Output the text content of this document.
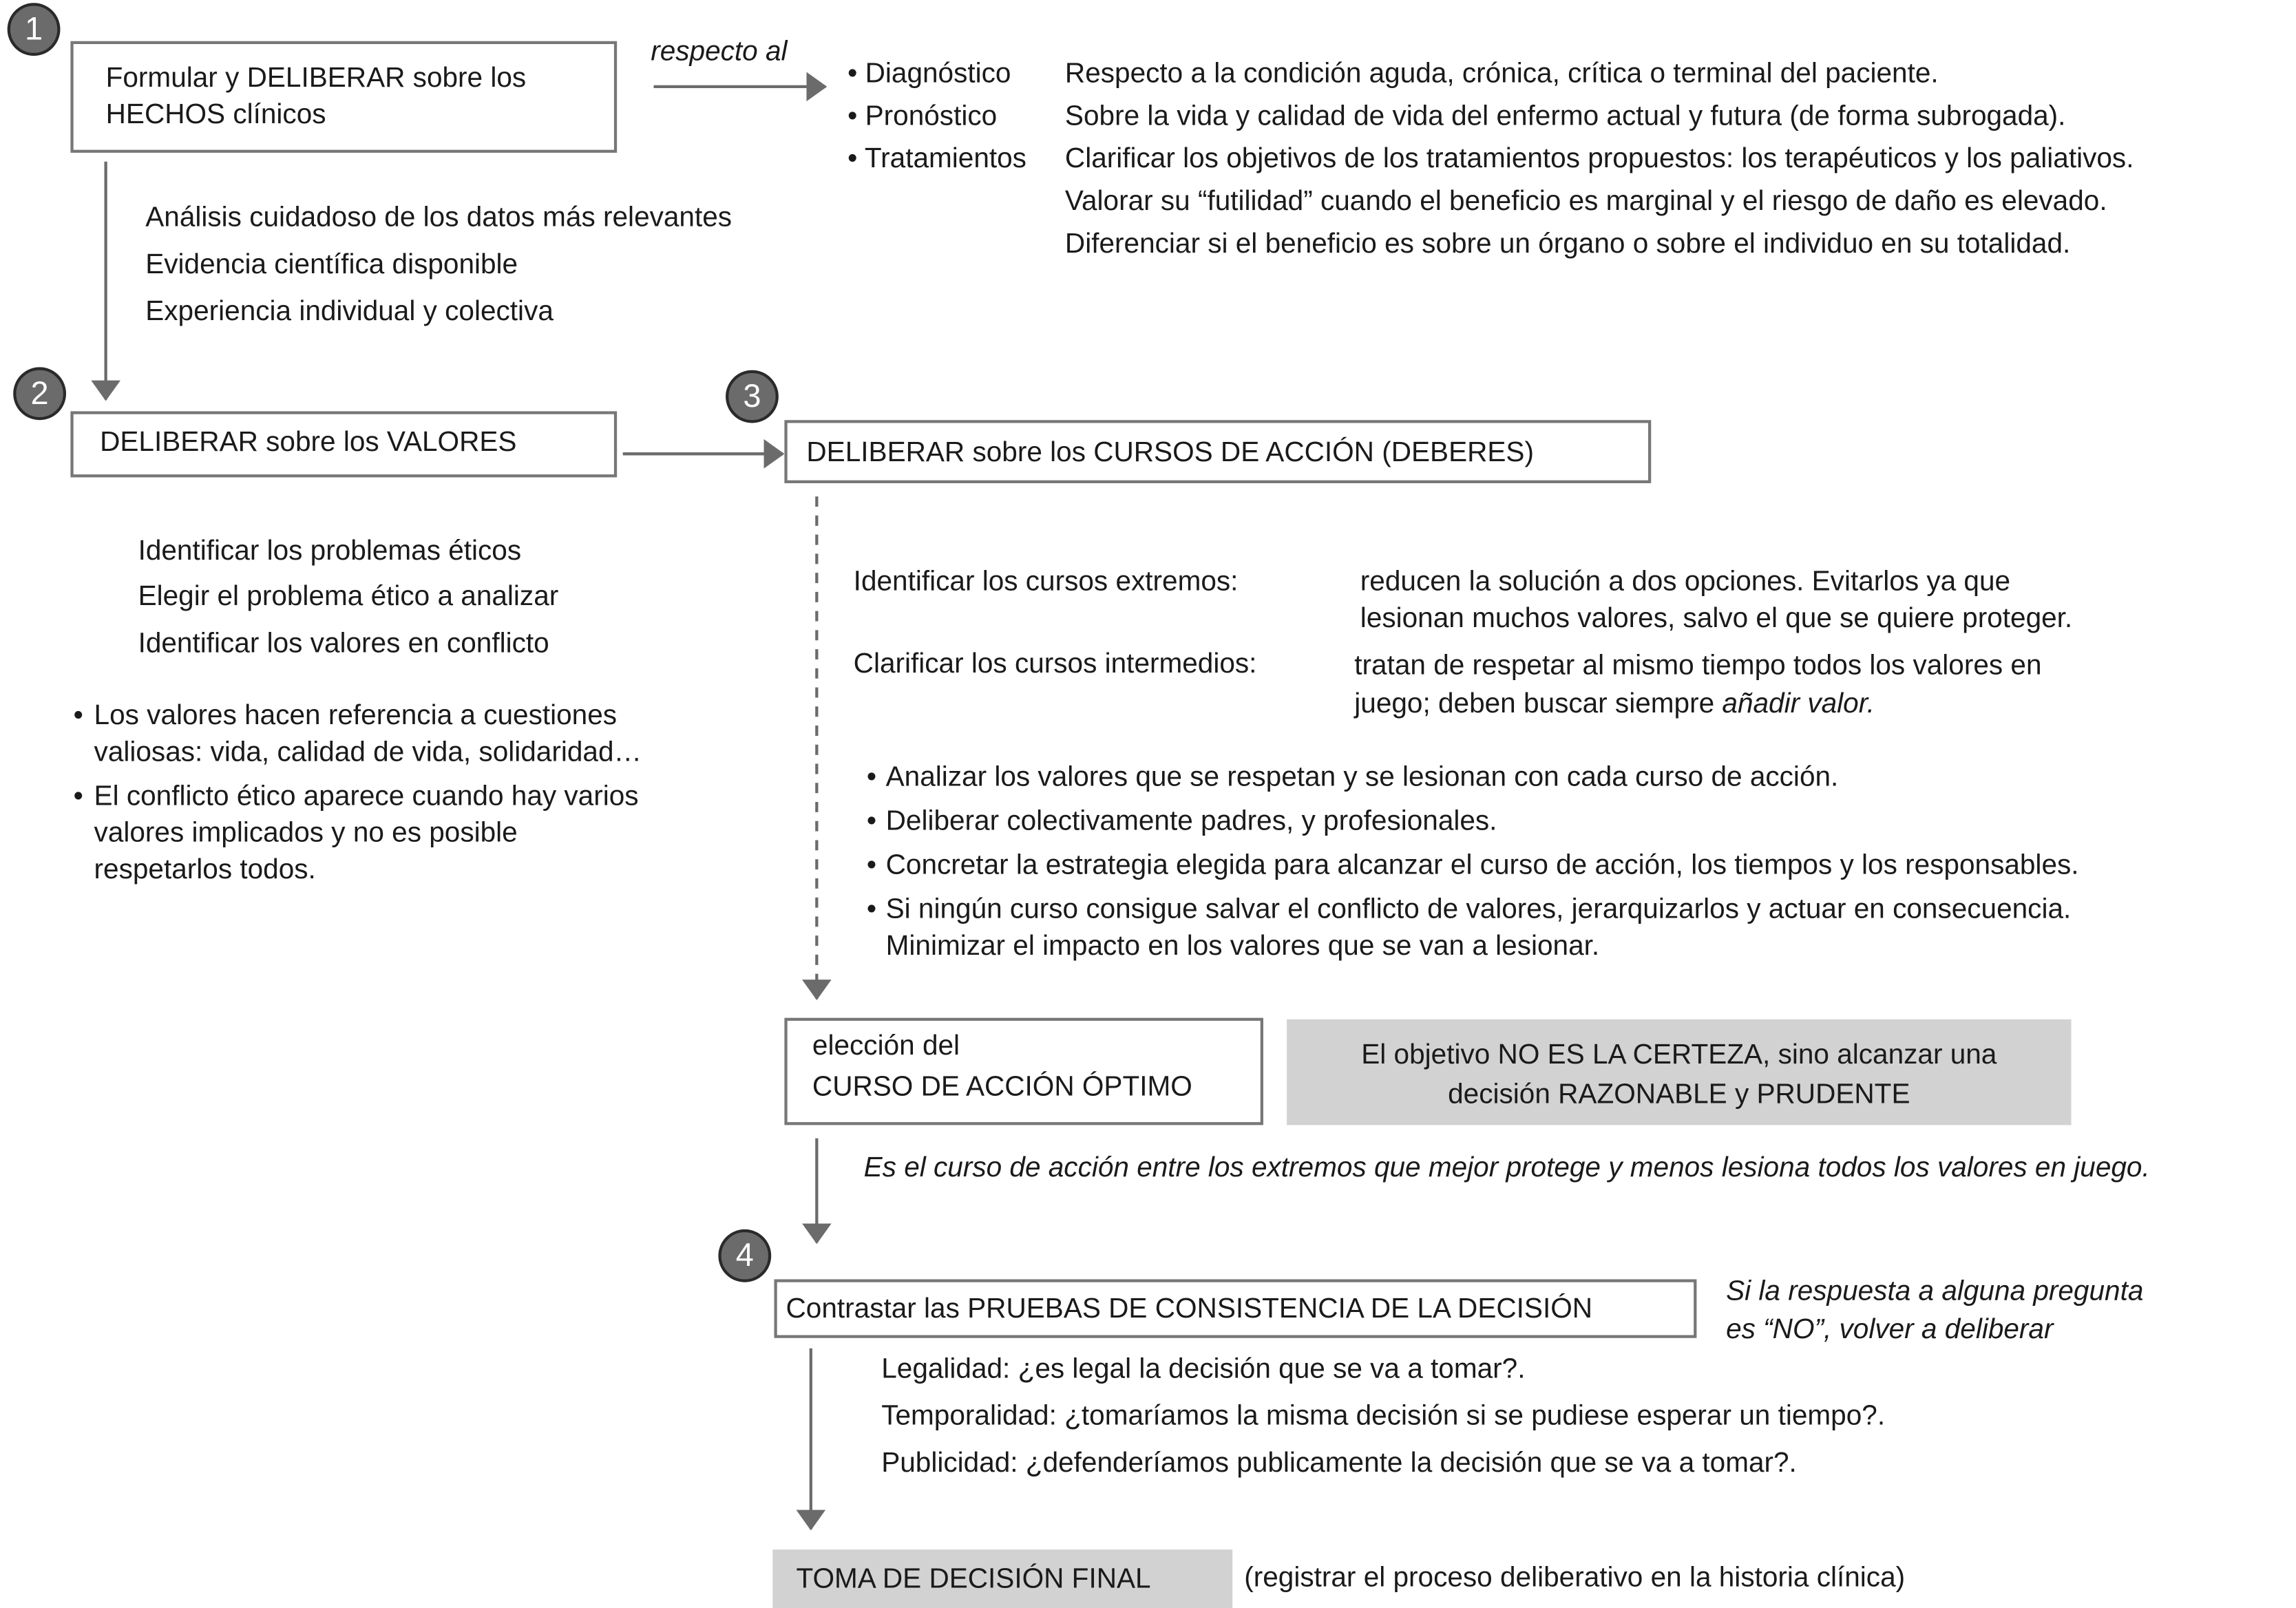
1
Formular y DELIBERAR sobre los
HECHOS clínicos
respecto al
• Diagnóstico
• Pronóstico
• Tratamientos
Respecto a la condición aguda, crónica, crítica o terminal del paciente.
Sobre la vida y calidad de vida del enfermo actual y futura (de forma subrogada).
Clarificar los objetivos de los tratamientos propuestos: los terapéuticos y los paliativos.
Valorar su “futilidad” cuando el beneficio es marginal y el riesgo de daño es elevado.
Diferenciar si el beneficio es sobre un órgano o sobre el individuo en su totalidad.
Análisis cuidadoso de los datos más relevantes
Evidencia científica disponible
Experiencia individual y colectiva
2
DELIBERAR sobre los VALORES
Identificar los problemas éticos
Elegir el problema ético a analizar
Identificar los valores en conflicto
• Los valores hacen referencia a cuestiones
valiosas: vida, calidad de vida, solidaridad…
• El conflicto ético aparece cuando hay varios
valores implicados y no es posible
respetarlos todos.
3
DELIBERAR sobre los CURSOS DE ACCIÓN (DEBERES)
Identificar los cursos extremos:	reducen la solución a dos opciones. Evitarlos ya que
lesionan muchos valores, salvo el que se quiere proteger.
Clarificar los cursos intermedios:	tratan de respetar al mismo tiempo todos los valores en
juego; deben buscar siempre añadir valor.
• Analizar los valores que se respetan y se lesionan con cada curso de acción.
• Deliberar colectivamente padres, y profesionales.
• Concretar la estrategia elegida para alcanzar el curso de acción, los tiempos y los responsables.
• Si ningún curso consigue salvar el conflicto de valores, jerarquizarlos y actuar en consecuencia.
Minimizar el impacto en los valores que se van a lesionar.
elección del
CURSO DE ACCIÓN ÓPTIMO
El objetivo NO ES LA CERTEZA, sino alcanzar una
decisión RAZONABLE y PRUDENTE
Es el curso de acción entre los extremos que mejor protege y menos lesiona todos los valores en juego.
4
Contrastar las PRUEBAS DE CONSISTENCIA DE LA DECISIÓN
Si la respuesta a alguna pregunta
es “NO”, volver a deliberar
Legalidad: ¿es legal la decisión que se va a tomar?.
Temporalidad: ¿tomaríamos la misma decisión si se pudiese esperar un tiempo?.
Publicidad: ¿defenderíamos publicamente la decisión que se va a tomar?.
TOMA DE DECISIÓN FINAL	(registrar el proceso deliberativo en la historia clínica)
